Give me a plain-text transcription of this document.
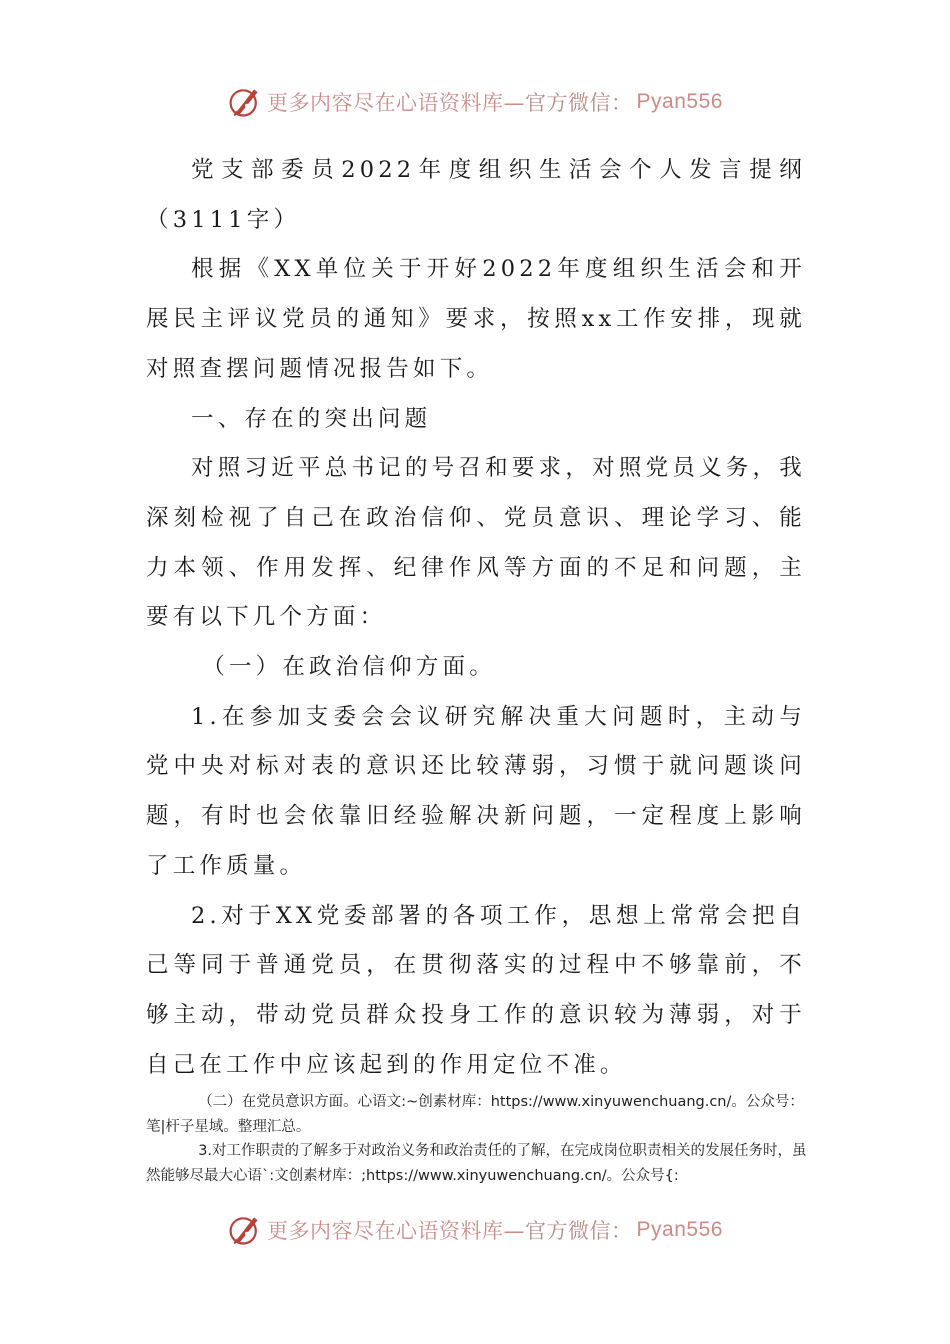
更多内容尽在心语资料库— 官方微信： Pyan556

党支部委员2022年度组织生活会个人发言提纲（3111字）

根据《XX单位关于开好2022年度组织生活会和开展民主评议党员的通知》要求，按照xx工作安排，现就对照查摆问题情况报告如下。

一、存在的突出问题

对照习近平总书记的号召和要求，对照党员义务，我深刻检视了自己在政治信仰、党员意识、理论学习、能力本领、作用发挥、纪律作风等方面的不足和问题，主要有以下几个方面：

（一）在政治信仰方面。

1.在参加支委会会议研究解决重大问题时，主动与党中央对标对表的意识还比较薄弱，习惯于就问题谈问题，有时也会依靠旧经验解决新问题，一定程度上影响了工作质量。

2.对于XX党委部署的各项工作，思想上常常会把自己等同于普通党员，在贯彻落实的过程中不够靠前，不够主动，带动党员群众投身工作的意识较为薄弱，对于自己在工作中应该起到的作用定位不准。

（二）在党员意识方面。心语文:~创素材库：https://www.xinyuwenchuang.cn/。公众号：笔|杆子星域。整理汇总。

3.对工作职责的了解多于对政治义务和政治责任的了解，在完成岗位职责相关的发展任务时，虽然能够尽最大心语`:文创素材库：;https://www.xinyuwenchuang.cn/。公众号{:

更多内容尽在心语资料库— 官方微信： Pyan556
